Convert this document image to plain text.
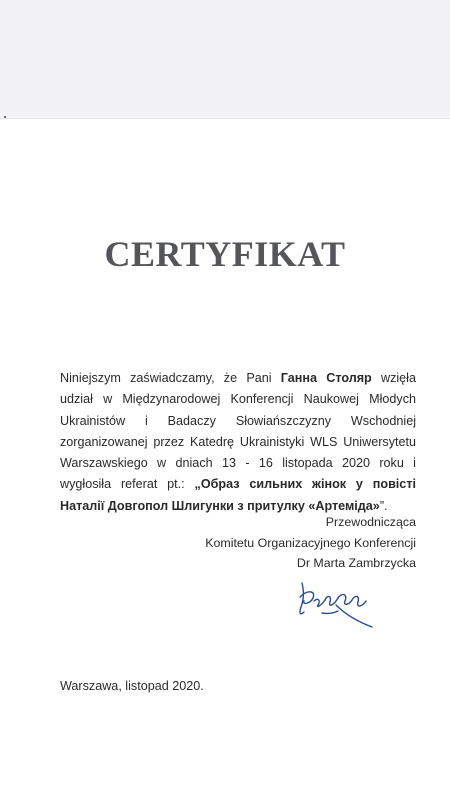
CERTYFIKAT
Niniejszym zaświadczamy, że Pani Ганна Столяр wzięła udział w Międzynarodowej Konferencji Naukowej Młodych Ukrainistów i Badaczy Słowiańszczyzny Wschodniej zorganizowanej przez Katedrę Ukrainistyki WLS Uniwersytetu Warszawskiego w dniach 13 - 16 listopada 2020 roku i wygłosiła referat pt.: „Образ сильних жінок у повісті Наталії Довгопол Шлигунки з притулку «Артеміда»”.
Przewodnicząca
Komitetu Organizacyjnego Konferencji
Dr Marta Zambrzycka
Warszawa, listopad 2020.
